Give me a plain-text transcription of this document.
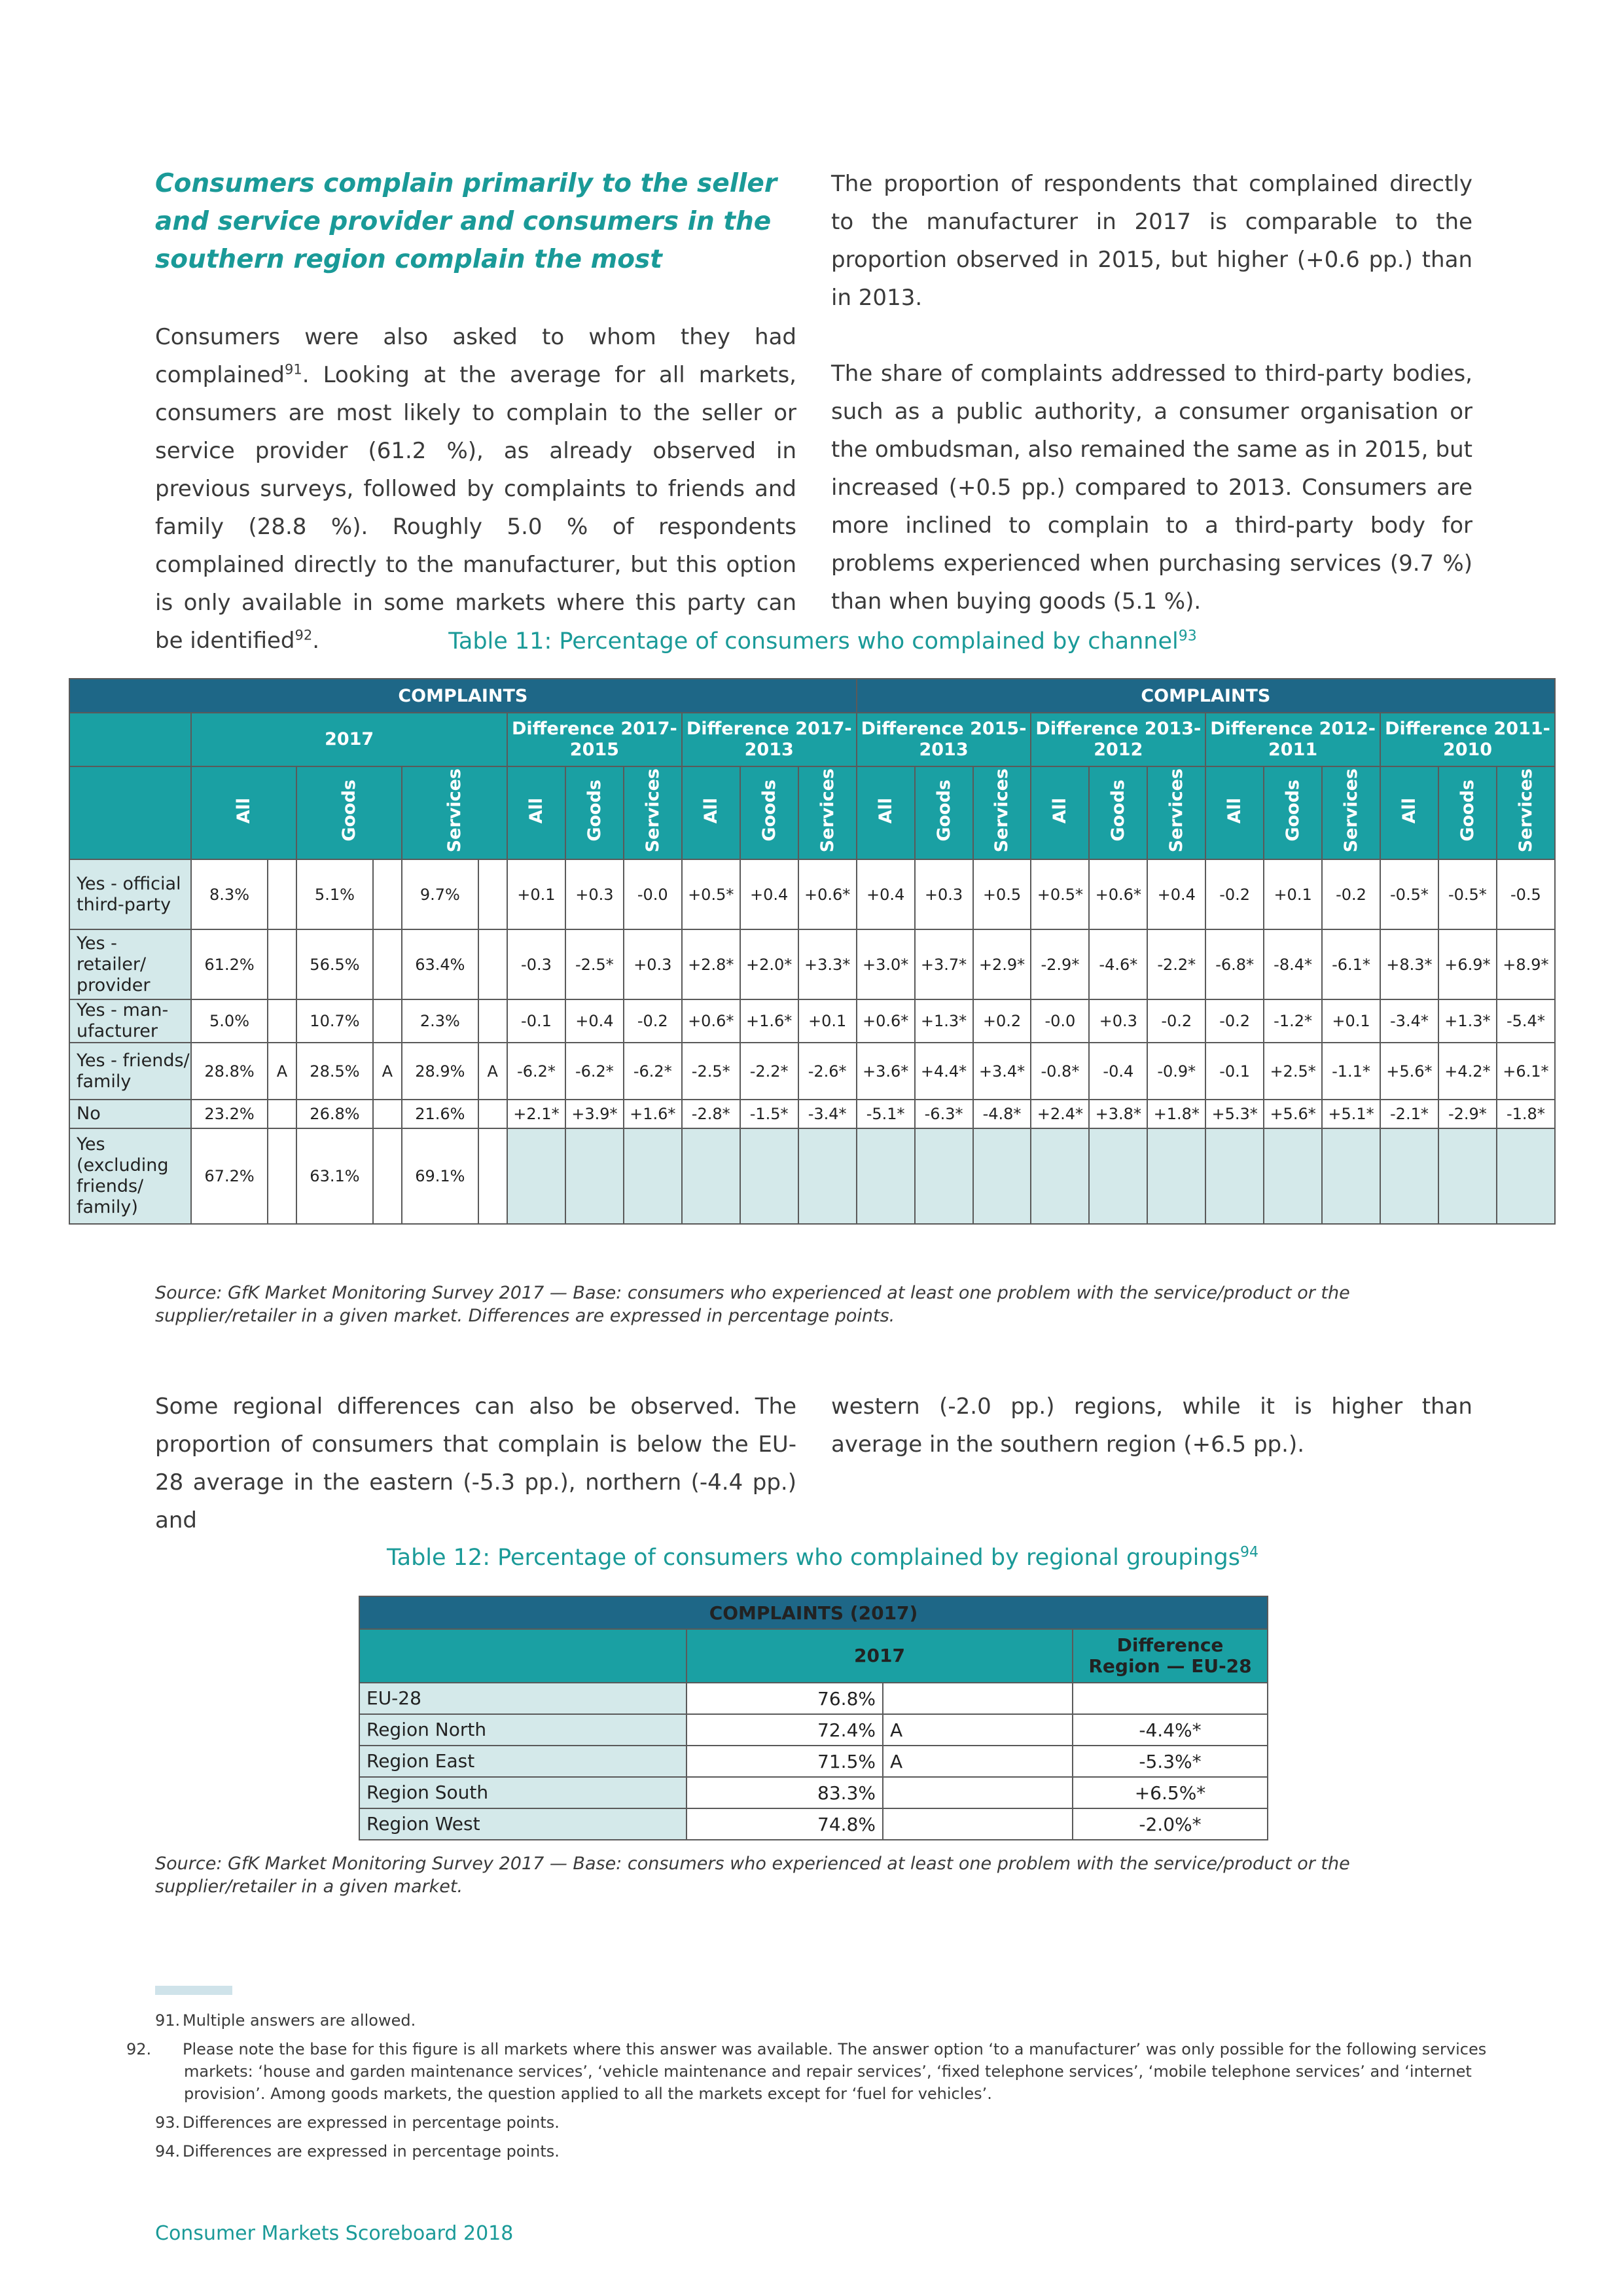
Consumers complain primarily to the seller and service provider and consumers in the southern region complain the most

Consumers were also asked to whom they had complained$^{91}$. Looking at the average for all markets, consumers are most likely to complain to the seller or service provider (61.2 %), as already observed in previous surveys, followed by complaints to friends and family (28.8 %). Roughly 5.0 % of respondents complained directly to the manufacturer, but this option is only available in some markets where this party can be identified$^{92}$.

The proportion of respondents that complained directly to the manufacturer in 2017 is comparable to the proportion observed in 2015, but higher (+0.6 pp.) than in 2013.

The share of complaints addressed to third-party bodies, such as a public authority, a consumer organisation or the ombudsman, also remained the same as in 2015, but increased (+0.5 pp.) compared to 2013. Consumers are more inclined to complain to a third-party body for problems experienced when purchasing services (9.7 %) than when buying goods (5.1 %).

Table 11: Percentage of consumers who complained by channel$^{93}$
COMPLAINTS													COMPLAINTS											
	2017						Difference 2017-2015			Difference 2017-2013			Difference 2015-2013			Difference 2013-2012			Difference 2012-2011			Difference 2011-2010		

	All		Goods		Services		All	Goods	Services	All	Goods	Services	All	Goods	Services	All	Goods	Services	All	Goods	Services	All	Goods	Services
Yes - official third-party	8.3%		5.1%		9.7%		+0.1	+0.3	-0.0	+0.5*	+0.4	+0.6*	+0.4	+0.3	+0.5	+0.5*	+0.6*	+0.4	-0.2	+0.1	-0.2	-0.5*	-0.5*	-0.5
Yes - retailer/ provider	61.2%		56.5%		63.4%		-0.3	-2.5*	+0.3	+2.8*	+2.0*	+3.3*	+3.0*	+3.7*	+2.9*	-2.9*	-4.6*	-2.2*	-6.8*	-8.4*	-6.1*	+8.3*	+6.9*	+8.9*
Yes - man-ufacturer	5.0%		10.7%		2.3%		-0.1	+0.4	-0.2	+0.6*	+1.6*	+0.1	+0.6*	+1.3*	+0.2	-0.0	+0.3	-0.2	-0.2	-1.2*	+0.1	-3.4*	+1.3*	-5.4*
Yes - friends/ family	28.8%	A	28.5%	A	28.9%	A	-6.2*	-6.2*	-6.2*	-2.5*	-2.2*	-2.6*	+3.6*	+4.4*	+3.4*	-0.8*	-0.4	-0.9*	-0.1	+2.5*	-1.1*	+5.6*	+4.2*	+6.1*
No	23.2%		26.8%		21.6%		+2.1*	+3.9*	+1.6*	-2.8*	-1.5*	-3.4*	-5.1*	-6.3*	-4.8*	+2.4*	+3.8*	+1.8*	+5.3*	+5.6*	+5.1*	-2.1*	-2.9*	-1.8*
Yes (excluding friends/ family)	67.2%		63.1%		69.1%																			
Source: GfK Market Monitoring Survey 2017 — Base: consumers who experienced at least one problem with the service/product or the supplier/retailer in a given market. Differences are expressed in percentage points.

Some regional differences can also be observed. The proportion of consumers that complain is below the EU-28 average in the eastern (-5.3 pp.), northern (-4.4 pp.) and

western (-2.0 pp.) regions, while it is higher than average in the southern region (+6.5 pp.).

Table 12: Percentage of consumers who complained by regional groupings$^{94}$
COMPLAINTS (2017)			
	2017		Difference Region — EU-28
EU-28	76.8%		
Region North	72.4%	A	-4.4%*
Region East	71.5%	A	-5.3%*
Region South	83.3%		+6.5%*
Region West	74.8%		-2.0%*
Source: GfK Market Monitoring Survey 2017 — Base: consumers who experienced at least one problem with the service/product or the supplier/retailer in a given market.
91. Multiple answers are allowed.
92. Please note the base for this figure is all markets where this answer was available. The answer option ‘to a manufacturer’ was only possible for the following services markets: ‘house and garden maintenance services’, ‘vehicle maintenance and repair services’, ‘fixed telephone services’, ‘mobile telephone services’ and ‘internet provision’. Among goods markets, the question applied to all the markets except for ‘fuel for vehicles’.
93. Differences are expressed in percentage points.
94. Differences are expressed in percentage points.
Consumer Markets Scoreboard 2018
